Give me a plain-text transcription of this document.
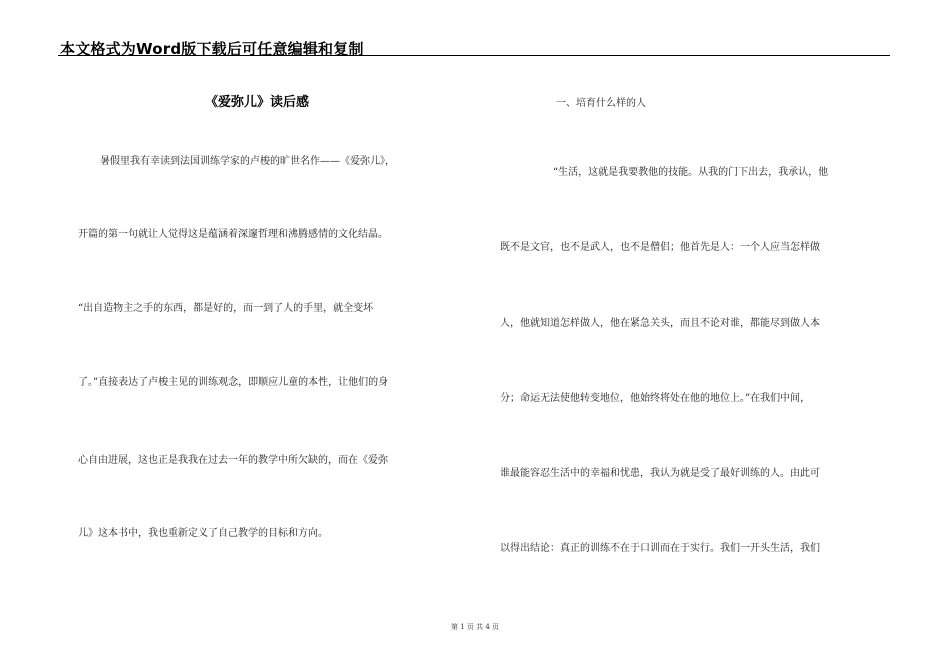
本文格式为Word版下载后可任意编辑和复制
《爱弥儿》读后感
暑假里我有幸读到法国训练学家的卢梭的旷世名作——《爱弥儿》，
开篇的第一句就让人觉得这是蕴涵着深邃哲理和沸腾感情的文化结晶。
“出自造物主之手的东西，都是好的，而一到了人的手里，就全变坏
了。”直接表达了卢梭主见的训练观念，即顺应儿童的本性，让他们的身
心自由进展，这也正是我我在过去一年的教学中所欠缺的，而在《爱弥
儿》这本书中，我也重新定义了自己教学的目标和方向。
一、培育什么样的人
“生活，这就是我要教他的技能。从我的门下出去，我承认，他
既不是文官，也不是武人，也不是僧侣；他首先是人：一个人应当怎样做
人，他就知道怎样做人，他在紧急关头，而且不论对谁，都能尽到做人本
分；命运无法使他转变地位，他始终将处在他的地位上。”在我们中间，
谁最能容忍生活中的幸福和忧患，我认为就是受了最好训练的人。由此可
以得出结论：真正的训练不在于口训而在于实行。我们一开头生活，我们
第 1 页 共 4 页
